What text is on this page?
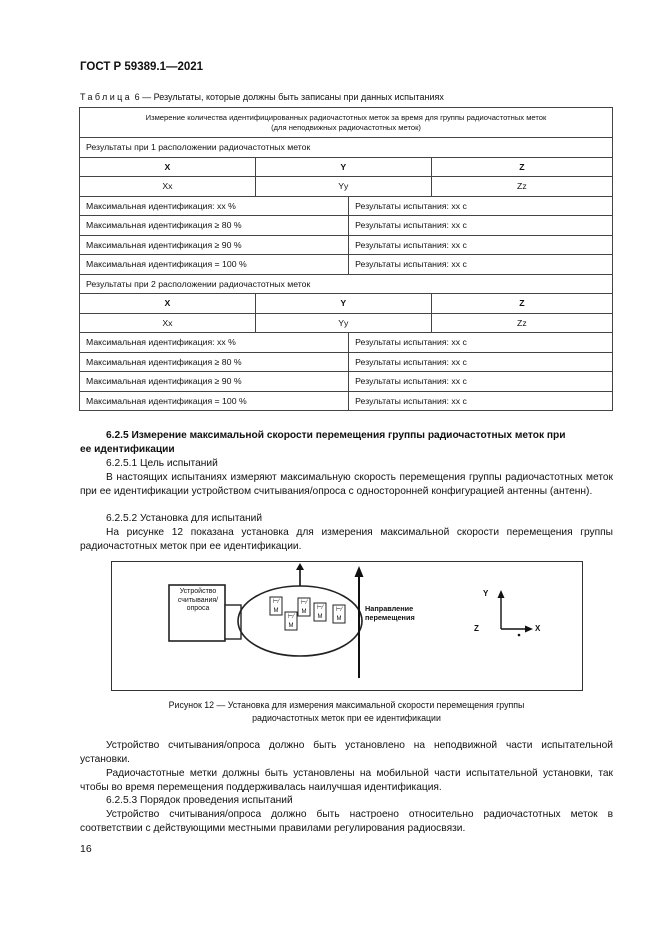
ГОСТ Р 59389.1—2021
Таблица 6 — Результаты, которые должны быть записаны при данных испытаниях
Измерение количества идентифицированных радиочастотных меток за время для группы радиочастотных меток
(для неподвижных радиочастотных меток)			

Результаты при 1 расположении радиочастотных меток			
X	Y		Z
Xx	Yy		Zz
Максимальная идентификация: xx %		Результаты испытания: xx с	
Максимальная идентификация ≥ 80 %		Результаты испытания: xx с	
Максимальная идентификация ≥ 90 %		Результаты испытания: xx с	
Максимальная идентификация = 100 %		Результаты испытания: xx с	
Результаты при 2 расположении радиочастотных меток			
X	Y		Z
Xx	Yy		Zz
Максимальная идентификация: xx %		Результаты испытания: xx с	
Максимальная идентификация ≥ 80 %		Результаты испытания: xx с	
Максимальная идентификация ≥ 90 %		Результаты испытания: xx с	
Максимальная идентификация = 100 %		Результаты испытания: xx с	
6.2.5 Измерение максимальной скорости перемещения группы радиочастотных меток при
ее идентификации
6.2.5.1 Цель испытаний
В настоящих испытаниях измеряют максимальную скорость перемещения группы радиочастотных меток при ее идентификации устройством считывания/опроса с односторонней конфигурацией антенны (антенн).
6.2.5.2 Установка для испытаний
На рисунке 12 показана установка для измерения максимальной скорости перемещения группы радиочастотных меток при ее идентификации.
⊢⁄
М
⊢⁄
М
⊢⁄
М
⊢⁄
М
⊢⁄
М
Устройство считывания/ опроса	Направление перемещения
Y
X
Z
Рисунок 12 — Установка для измерения максимальной скорости перемещения группы
радиочастотных меток при ее идентификации
Устройство считывания/опроса должно быть установлено на неподвижной части испытательной установки.
Радиочастотные метки должны быть установлены на мобильной части испытательной установки, так чтобы во время перемещения поддерживалась наилучшая идентификация.
6.2.5.3 Порядок проведения испытаний
Устройство считывания/опроса должно быть настроено относительно радиочастотных меток в соответствии с действующими местными правилами регулирования радиосвязи.
16
